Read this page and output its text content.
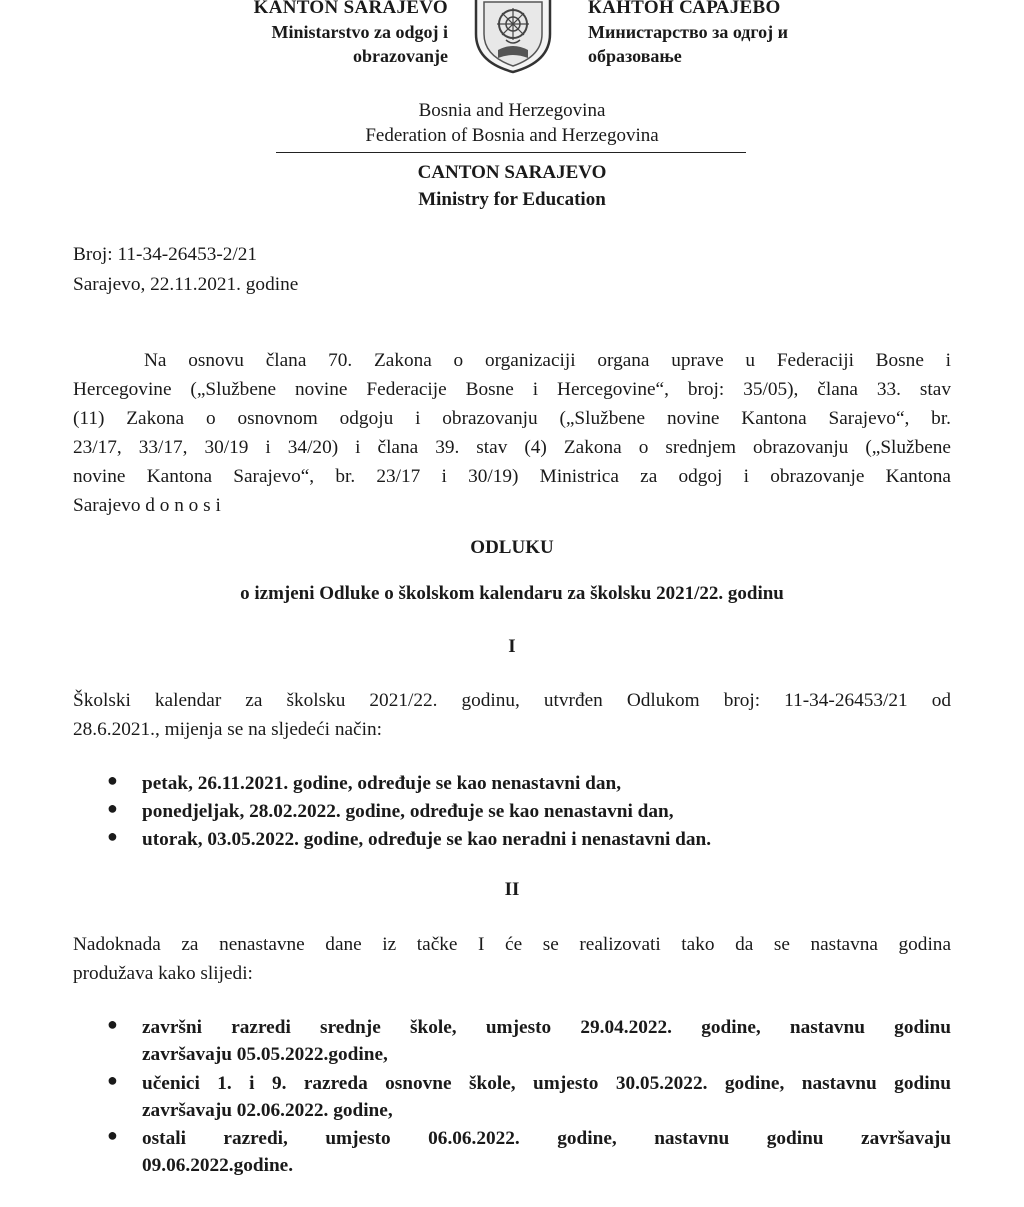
KANTON SARAJEVO
Ministarstvo za odgoj i
obrazovanje
КАНТОН САРАЈЕВО
Министарство за одгој и
образовање
Bosnia and Herzegovina
Federation of Bosnia and Herzegovina
CANTON SARAJEVO
Ministry for Education
Broj: 11-34-26453-2/21
Sarajevo, 22.11.2021. godine
Na osnovu člana 70. Zakona o organizaciji organa uprave u Federaciji Bosne i
Hercegovine („Službene novine Federacije Bosne i Hercegovine“, broj: 35/05), člana 33. stav
(11) Zakona o osnovnom odgoju i obrazovanju („Službene novine Kantona Sarajevo“, br.
23/17, 33/17, 30/19 i 34/20) i člana 39. stav (4) Zakona o srednjem obrazovanju („Službene
novine Kantona Sarajevo“, br. 23/17 i 30/19) Ministrica za odgoj i obrazovanje Kantona
Sarajevo d o n o s i
ODLUKU
o izmjeni Odluke o školskom kalendaru za školsku 2021/22. godinu
I
Školski kalendar za školsku 2021/22. godinu, utvrđen Odlukom broj: 11-34-26453/21 od
28.6.2021., mijenja se na sljedeći način:
● petak, 26.11.2021. godine, određuje se kao nenastavni dan,
● ponedjeljak, 28.02.2022. godine, određuje se kao nenastavni dan,
● utorak, 03.05.2022. godine, određuje se kao neradni i nenastavni dan.
II
Nadoknada za nenastavne dane iz tačke I će se realizovati tako da se nastavna godina
produžava kako slijedi:
● završni razredi srednje škole, umjesto 29.04.2022. godine, nastavnu godinu
završavaju 05.05.2022.godine,
● učenici 1. i 9. razreda osnovne škole, umjesto 30.05.2022. godine, nastavnu godinu
završavaju 02.06.2022. godine,
● ostali razredi, umjesto 06.06.2022. godine, nastavnu godinu završavaju
09.06.2022.godine.
